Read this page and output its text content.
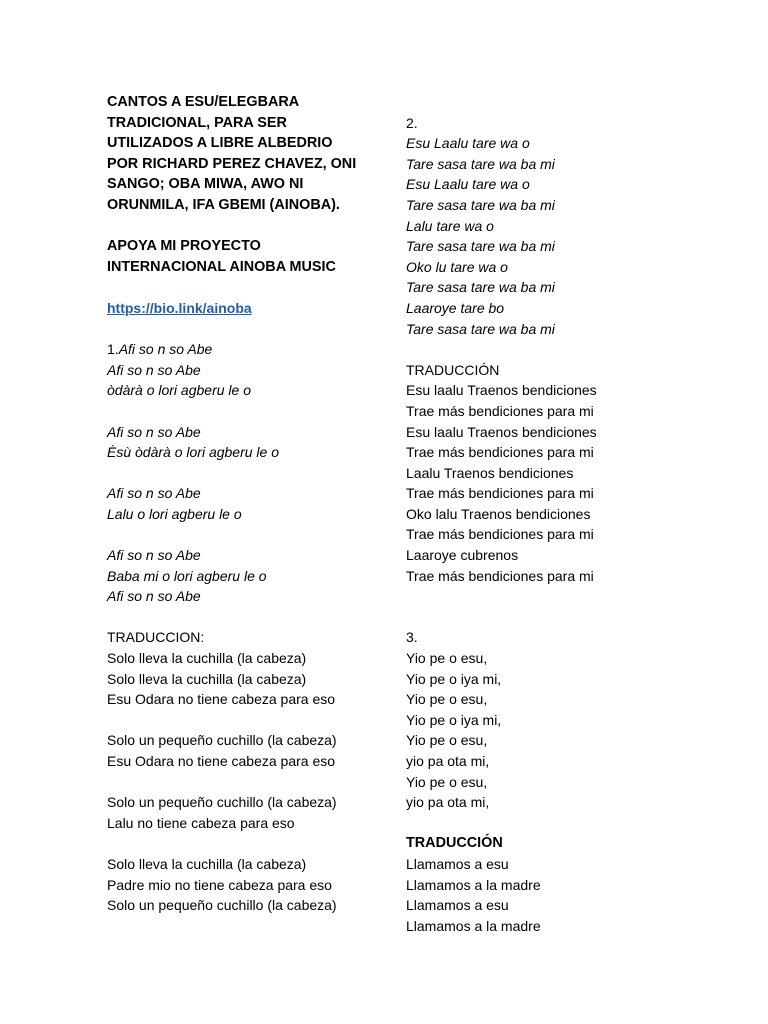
CANTOS A ESU/ELEGBARA
TRADICIONAL, PARA SER
UTILIZADOS A LIBRE ALBEDRIO
POR RICHARD PEREZ CHAVEZ, ONI
SANGO; OBA MIWA, AWO NI
ORUNMILA, IFA GBEMI (AINOBA).
APOYA MI PROYECTO
INTERNACIONAL AINOBA MUSIC
https://bio.link/ainoba
1.Afi so n so Abe
Afi so n so Abe
òdàrà o lori agberu le o
Afi so n so Abe
Èsù òdàrà o lori agberu le o
Afi so n so Abe
Lalu o lori agberu le o
Afi so n so Abe
Baba mi o lori agberu le o
Afi so n so Abe
TRADUCCION:
Solo lleva la cuchilla (la cabeza)
Solo lleva la cuchilla (la cabeza)
Esu Odara no tiene cabeza para eso
Solo un pequeño cuchillo (la cabeza)
Esu Odara no tiene cabeza para eso
Solo un pequeño cuchillo (la cabeza)
Lalu no tiene cabeza para eso
Solo lleva la cuchilla (la cabeza)
Padre mio no tiene cabeza para eso
Solo un pequeño cuchillo (la cabeza)
2.
Esu Laalu tare wa o
Tare sasa tare wa ba mi
Esu Laalu tare wa o
Tare sasa tare wa ba mi
Lalu tare wa o
Tare sasa tare wa ba mi
Oko lu tare wa o
Tare sasa tare wa ba mi
Laaroye tare bo
Tare sasa tare wa ba mi
TRADUCCIÓN
Esu laalu Traenos bendiciones
Trae más bendiciones para mi
Esu laalu Traenos bendiciones
Trae más bendiciones para mi
Laalu Traenos bendiciones
Trae más bendiciones para mi
Oko lalu Traenos bendiciones
Trae más bendiciones para mi
Laaroye cubrenos
Trae más bendiciones para mi
3.
Yio pe o esu,
Yio pe o iya mi,
Yio pe o esu,
Yio pe o iya mi,
Yio pe o esu,
yio pa ota mi,
Yio pe o esu,
yio pa ota mi,
TRADUCCIÓN
Llamamos a esu
Llamamos a la madre
Llamamos a esu
Llamamos a la madre
